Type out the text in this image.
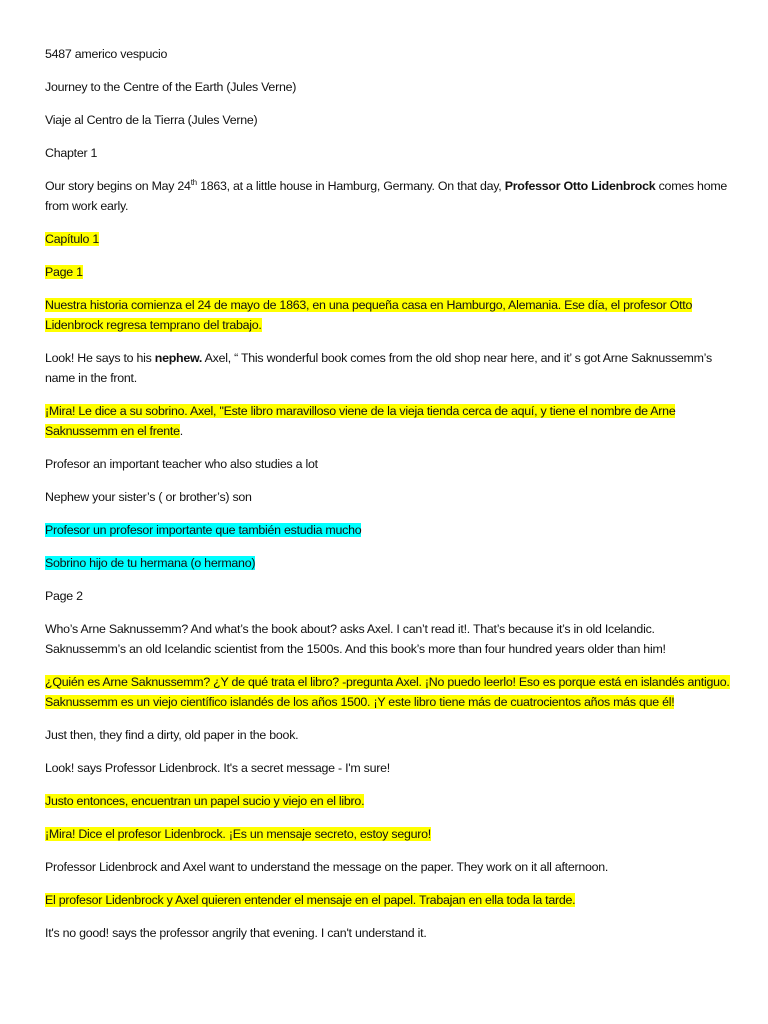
5487 americo vespucio

Journey to the Centre of the Earth (Jules Verne)

Viaje al Centro de la Tierra (Jules Verne)

Chapter 1

Our story begins on May 24th 1863, at a little house in Hamburg, Germany. On that day, Professor Otto Lidenbrock comes home from work early.

Capítulo 1

Page 1

Nuestra historia comienza el 24 de mayo de 1863, en una pequeña casa en Hamburgo, Alemania. Ese día, el profesor Otto Lidenbrock regresa temprano del trabajo.

Look! He says to his nephew. Axel, “ This wonderful book comes from the old shop near here, and it’ s got Arne Saknussemm’s name in the front.

¡Mira! Le dice a su sobrino. Axel, "Este libro maravilloso viene de la vieja tienda cerca de aquí, y tiene el nombre de Arne Saknussemm en el frente.

Profesor an important teacher who also studies a lot

Nephew your sister’s ( or brother’s) son

Profesor un profesor importante que también estudia mucho

Sobrino hijo de tu hermana (o hermano)

Page 2

Who’s Arne Saknussemm? And what’s the book about? asks Axel. I can’t read it!. That’s because it’s in old Icelandic. Saknussemm’s an old Icelandic scientist from the 1500s. And this book’s more than four hundred years older than him!

¿Quién es Arne Saknussemm? ¿Y de qué trata el libro? -pregunta Axel. ¡No puedo leerlo! Eso es porque está en islandés antiguo. Saknussemm es un viejo científico islandés de los años 1500. ¡Y este libro tiene más de cuatrocientos años más que él!

Just then, they find a dirty, old paper in the book.

Look! says Professor Lidenbrock. It's a secret message - I'm sure!

Justo entonces, encuentran un papel sucio y viejo en el libro.

¡Mira! Dice el profesor Lidenbrock. ¡Es un mensaje secreto, estoy seguro!

Professor Lidenbrock and Axel want to understand the message on the paper. They work on it all afternoon.

El profesor Lidenbrock y Axel quieren entender el mensaje en el papel. Trabajan en ella toda la tarde.

It's no good! says the professor angrily that evening. I can't understand it.
